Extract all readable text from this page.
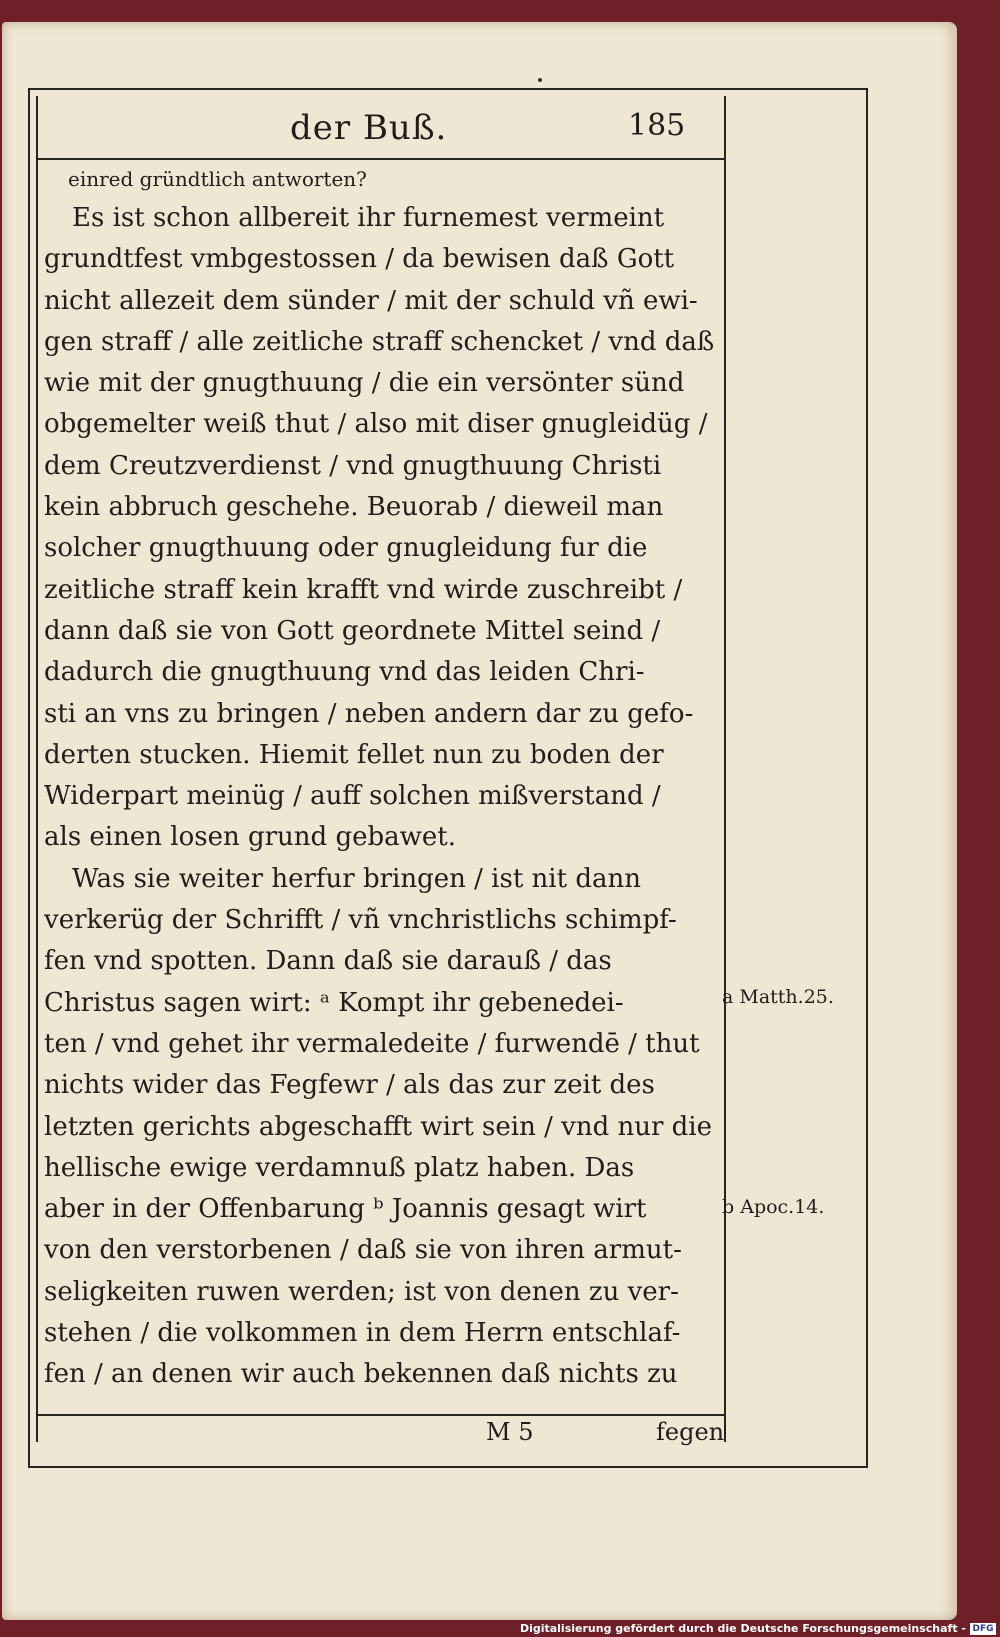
der Buß.	185
einred gründtlich antworten?
Es ist schon allbereit ihr furnemest vermeint
grundtfest vmbgestossen / da bewisen daß Gott
nicht allezeit dem sünder / mit der schuld vñ ewi-
gen straff / alle zeitliche straff schencket / vnd daß
wie mit der gnugthuung / die ein versönter sünd
obgemelter weiß thut / also mit diser gnugleidüg /
dem Creutzverdienst / vnd gnugthuung Christi
kein abbruch geschehe. Beuorab / dieweil man
solcher gnugthuung oder gnugleidung fur die
zeitliche straff kein krafft vnd wirde zuschreibt /
dann daß sie von Gott geordnete Mittel seind /
dadurch die gnugthuung vnd das leiden Chri-
sti an vns zu bringen / neben andern dar zu gefo-
derten stucken. Hiemit fellet nun zu boden der
Widerpart meinüg / auff solchen mißverstand /
als einen losen grund gebawet.
Was sie weiter herfur bringen / ist nit dann
verkerüg der Schrifft / vñ vnchristlichs schimpf-
fen vnd spotten. Dann daß sie darauß / das
Christus sagen wirt: ᵃ Kompt ihr gebenedei-
ten / vnd gehet ihr vermaledeite / furwendē / thut
nichts wider das Fegfewr / als das zur zeit des
letzten gerichts abgeschafft wirt sein / vnd nur die
hellische ewige verdamnuß platz haben. Das
aber in der Offenbarung ᵇ Joannis gesagt wirt
von den verstorbenen / daß sie von ihren armut-
seligkeiten ruwen werden; ist von denen zu ver-
stehen / die volkommen in dem Herrn entschlaf-
fen / an denen wir auch bekennen daß nichts zu
a Matth.25.
b Apoc.14.
M 5	fegen
Digitalisierung gefördert durch die Deutsche Forschungsgemeinschaft - DFG
